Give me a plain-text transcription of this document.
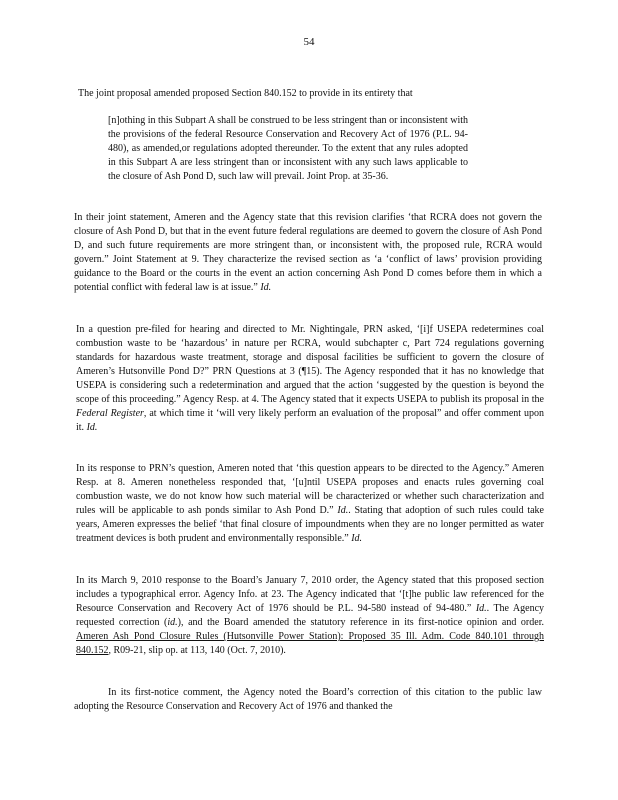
54

The joint proposal amended proposed Section 840.152 to provide in its entirety that

[n]othing in this Subpart A shall be construed to be less stringent than or inconsistent with the provisions of the federal Resource Conservation and Recovery Act of 1976 (P.L. 94-480), as amended,or regulations adopted thereunder. To the extent that any rules adopted in this Subpart A are less stringent than or inconsistent with any such laws applicable to the closure of Ash Pond D, such law will prevail. Joint Prop. at 35-36.

In their joint statement, Ameren and the Agency state that this revision clarifies ‘that RCRA does not govern the closure of Ash Pond D, but that in the event future federal regulations are deemed to govern the closure of Ash Pond D, and such future requirements are more stringent than, or inconsistent with, the proposed rule, RCRA would govern.” Joint Statement at 9. They characterize the revised section as ‘a ‘conflict of laws’ provision providing guidance to the Board or the courts in the event an action concerning Ash Pond D comes before them in which a potential conflict with federal law is at issue.” Id.

In a question pre-filed for hearing and directed to Mr. Nightingale, PRN asked, ‘[i]f USEPA redetermines coal combustion waste to be ‘hazardous’ in nature per RCRA, would subchapter c, Part 724 regulations governing standards for hazardous waste treatment, storage and disposal facilities be sufficient to govern the closure of Ameren’s Hutsonville Pond D?” PRN Questions at 3 (¶15). The Agency responded that it has no knowledge that USEPA is considering such a redetermination and argued that the action ‘suggested by the question is beyond the scope of this proceeding.” Agency Resp. at 4. The Agency stated that it expects USEPA to publish its proposal in the Federal Register, at which time it ‘will very likely perform an evaluation of the proposal” and offer comment upon it. Id.

In its response to PRN’s question, Ameren noted that ‘this question appears to be directed to the Agency.” Ameren Resp. at 8. Ameren nonetheless responded that, ‘[u]ntil USEPA proposes and enacts rules governing coal combustion waste, we do not know how such material will be characterized or whether such characterization and rules will be applicable to ash ponds similar to Ash Pond D.” Id.. Stating that adoption of such rules could take years, Ameren expresses the belief ‘that final closure of impoundments when they are no longer permitted as water treatment devices is both prudent and environmentally responsible.” Id.

In its March 9, 2010 response to the Board’s January 7, 2010 order, the Agency stated that this proposed section includes a typographical error. Agency Info. at 23. The Agency indicated that ‘[t]he public law referenced for the Resource Conservation and Recovery Act of 1976 should be P.L. 94-580 instead of 94-480.” Id.. The Agency requested correction (id.), and the Board amended the statutory reference in its first-notice opinion and order. Ameren Ash Pond Closure Rules (Hutsonville Power Station): Proposed 35 Ill. Adm. Code 840.101 through 840.152, R09-21, slip op. at 113, 140 (Oct. 7, 2010).

In its first-notice comment, the Agency noted the Board’s correction of this citation to the public law adopting the Resource Conservation and Recovery Act of 1976 and thanked the
